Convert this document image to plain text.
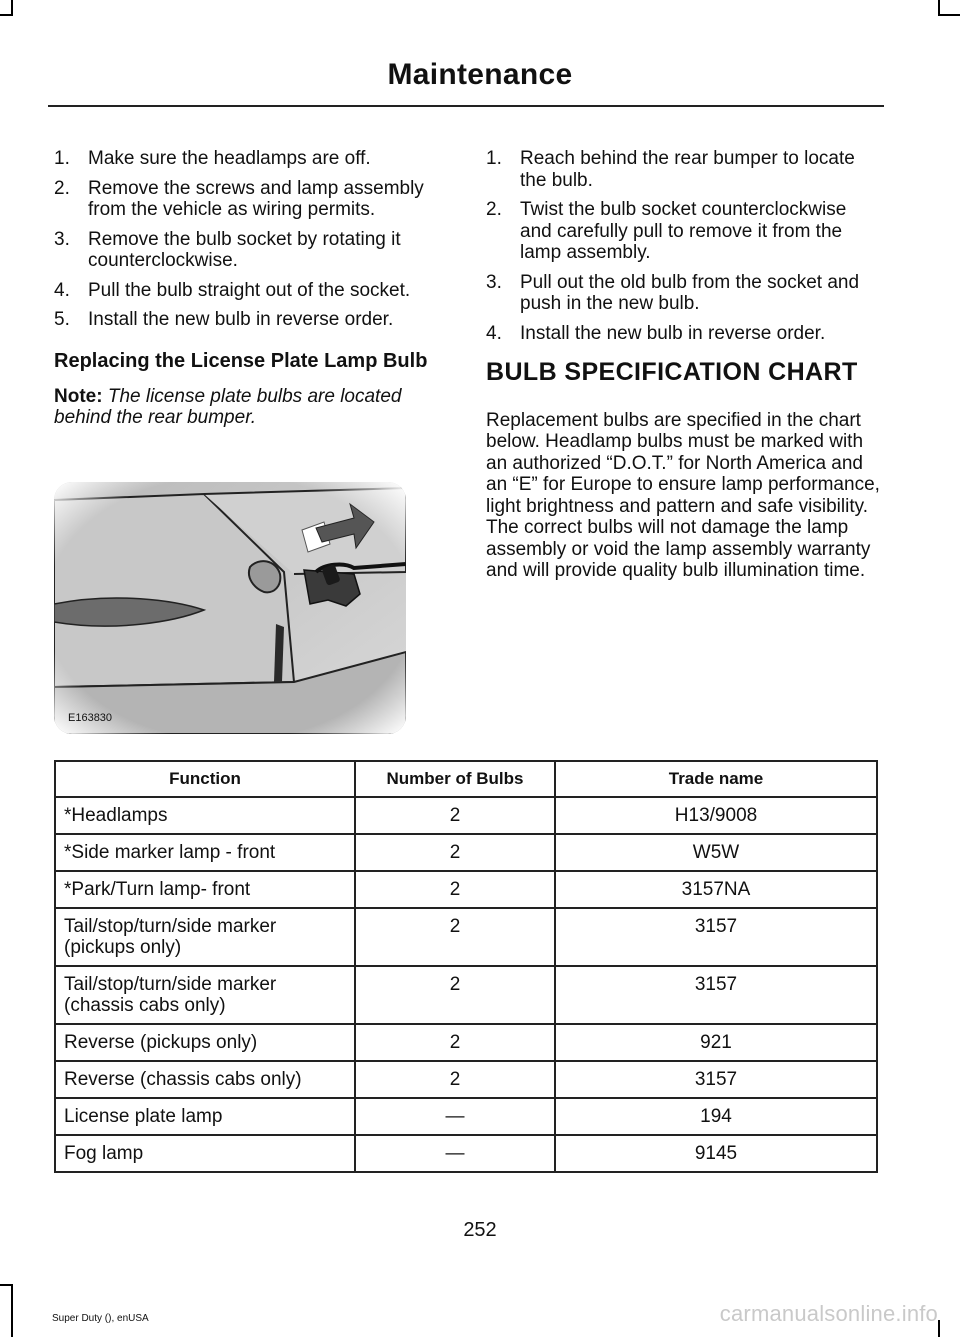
Maintenance
1. Make sure the headlamps are off.
2. Remove the screws and lamp assembly from the vehicle as wiring permits.
3. Remove the bulb socket by rotating it counterclockwise.
4. Pull the bulb straight out of the socket.
5. Install the new bulb in reverse order.
Replacing the License Plate Lamp Bulb

Note: The license plate bulbs are located behind the rear bumper.

E163830
1. Reach behind the rear bumper to locate the bulb.
2. Twist the bulb socket counterclockwise and carefully pull to remove it from the lamp assembly.
3. Pull out the old bulb from the socket and push in the new bulb.
4. Install the new bulb in reverse order.
BULB SPECIFICATION CHART

Replacement bulbs are specified in the chart below. Headlamp bulbs must be marked with an authorized “D.O.T.” for North America and an “E” for Europe to ensure lamp performance, light brightness and pattern and safe visibility. The correct bulbs will not damage the lamp assembly or void the lamp assembly warranty and will provide quality bulb illumination time.

Function	Number of Bulbs	Trade name
*Headlamps	2	H13/9008
*Side marker lamp - front	2	W5W
*Park/Turn lamp- front	2	3157NA
Tail/stop/turn/side marker (pickups only)	2	3157
Tail/stop/turn/side marker (chassis cabs only)	2	3157
Reverse (pickups only)	2	921
Reverse (chassis cabs only)	2	3157
License plate lamp	—	194
Fog lamp	—	9145
252
Super Duty (), enUSA	carmanualsonline.info
